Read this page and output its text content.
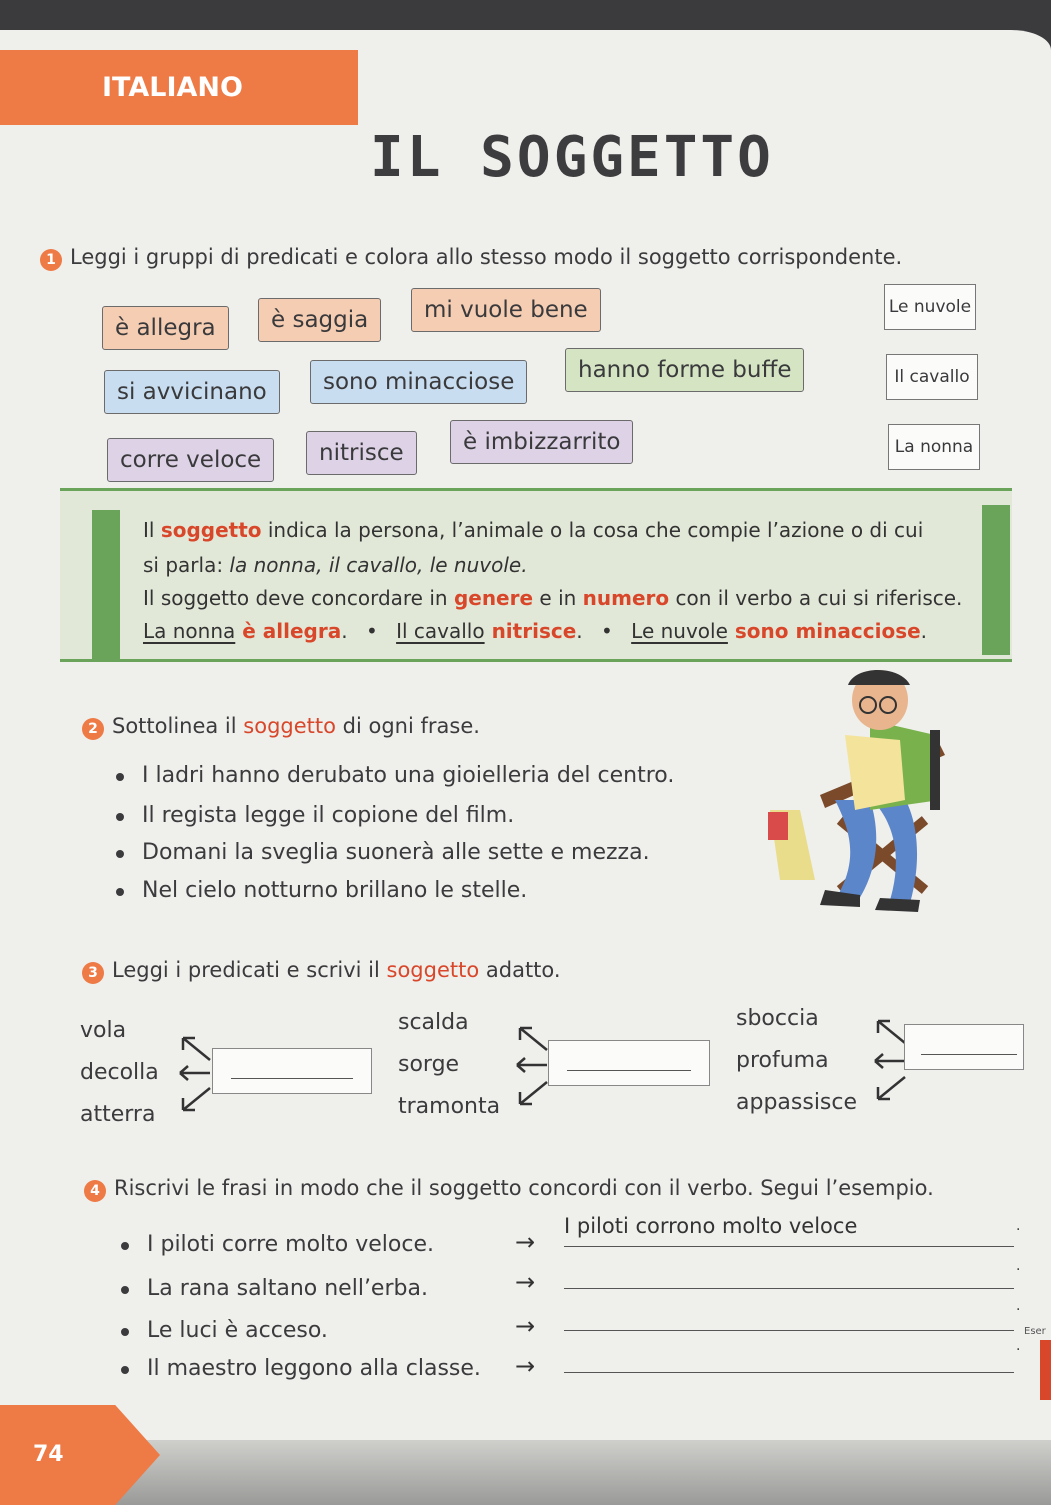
ITALIANO
IL SOGGETTO
1 Leggi i gruppi di predicati e colora allo stesso modo il soggetto corrispondente.
è allegra	è saggia	mi vuole bene
si avvicinano	sono minacciose	hanno forme buffe
corre veloce	nitrisce	è imbizzarrito
Le nuvole
Il cavallo
La nonna
Il soggetto indica la persona, l’animale o la cosa che compie l’azione o di cui
si parla: la nonna, il cavallo, le nuvole.
Il soggetto deve concordare in genere e in numero con il verbo a cui si riferisce.
La nonna è allegra. • Il cavallo nitrisce. • Le nuvole sono minacciose.
2 Sottolinea il soggetto di ogni frase.
I ladri hanno derubato una gioielleria del centro.
Il regista legge il copione del film.
Domani la sveglia suonerà alle sette e mezza.
Nel cielo notturno brillano le stelle.
3 Leggi i predicati e scrivi il soggetto adatto.
vola
decolla
atterra
scalda
sorge
tramonta
sboccia
profuma
appassisce
4 Riscrivi le frasi in modo che il soggetto concordi con il verbo. Segui l’esempio.
I piloti corre molto veloce.
La rana saltano nell’erba.
Le luci è acceso.
Il maestro leggono alla classe.
→
→
→
→
I piloti corrono molto veloce	.
.
.
.
Eser
74
